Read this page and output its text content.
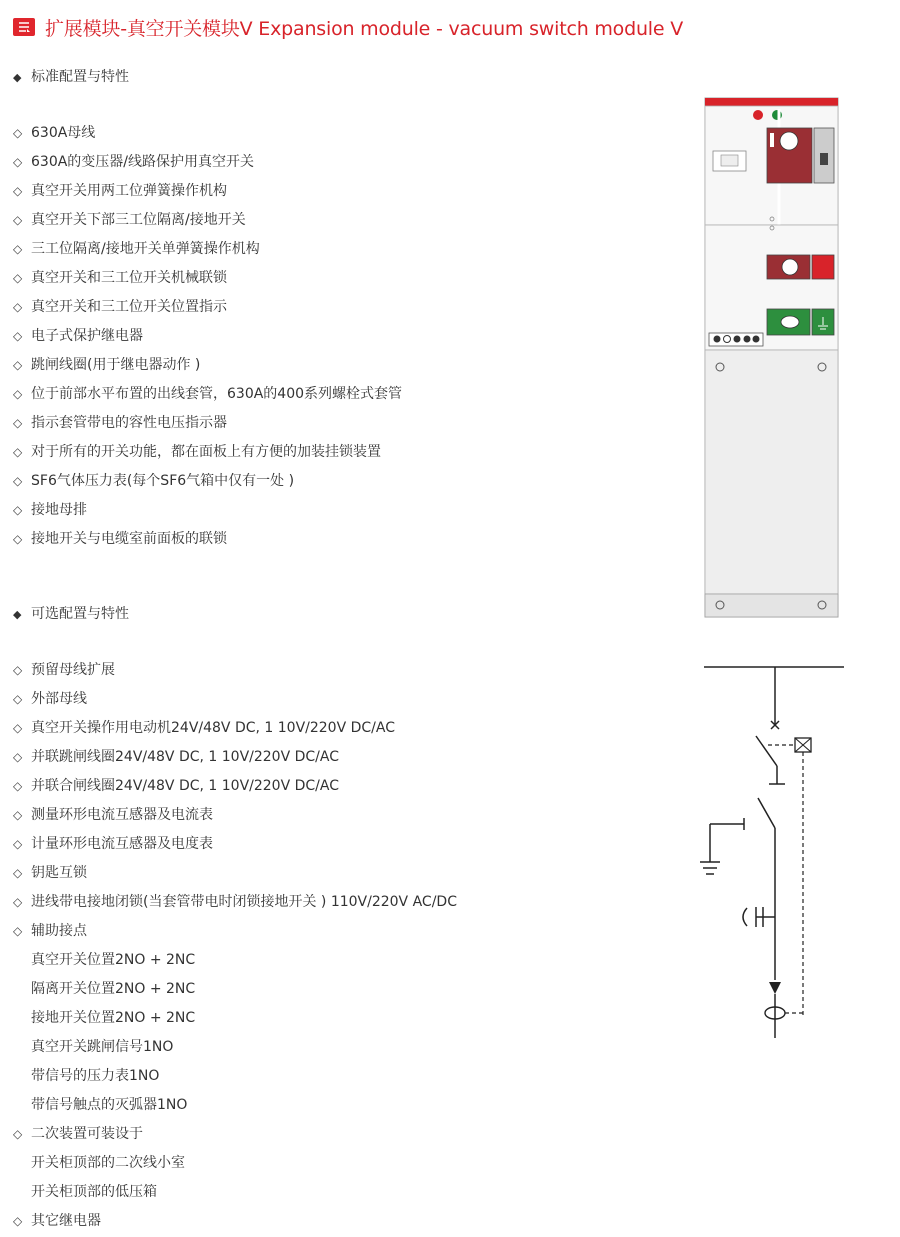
扩展模块-真空开关模块V Expansion module - vacuum switch module V
◆ 标准配置与特性
◇ 630A母线
◇ 630A的变压器/线路保护用真空开关
◇ 真空开关用两工位弹簧操作机构
◇ 真空开关下部三工位隔离/接地开关
◇ 三工位隔离/接地开关单弹簧操作机构
◇ 真空开关和三工位开关机械联锁
◇ 真空开关和三工位开关位置指示
◇ 电子式保护继电器
◇ 跳闸线圈(用于继电器动作 )
◇ 位于前部水平布置的出线套管，630A的400系列螺栓式套管
◇ 指示套管带电的容性电压指示器
◇ 对于所有的开关功能，都在面板上有方便的加装挂锁装置
◇ SF6气体压力表(每个SF6气箱中仅有一处 )
◇ 接地母排
◇ 接地开关与电缆室前面板的联锁
◆ 可选配置与特性
◇ 预留母线扩展
◇ 外部母线
◇ 真空开关操作用电动机24V/48V DC, 1 10V/220V DC/AC
◇ 并联跳闸线圈24V/48V DC, 1 10V/220V DC/AC
◇ 并联合闸线圈24V/48V DC, 1 10V/220V DC/AC
◇ 测量环形电流互感器及电流表
◇ 计量环形电流互感器及电度表
◇ 钥匙互锁
◇ 进线带电接地闭锁(当套管带电时闭锁接地开关 ) 110V/220V AC/DC
◇ 辅助接点
真空开关位置2NO + 2NC
隔离开关位置2NO + 2NC
接地开关位置2NO + 2NC
真空开关跳闸信号1NO
带信号的压力表1NO
带信号触点的灭弧器1NO
◇ 二次装置可装设于
开关柜顶部的二次线小室
开关柜顶部的低压箱
◇ 其它继电器
